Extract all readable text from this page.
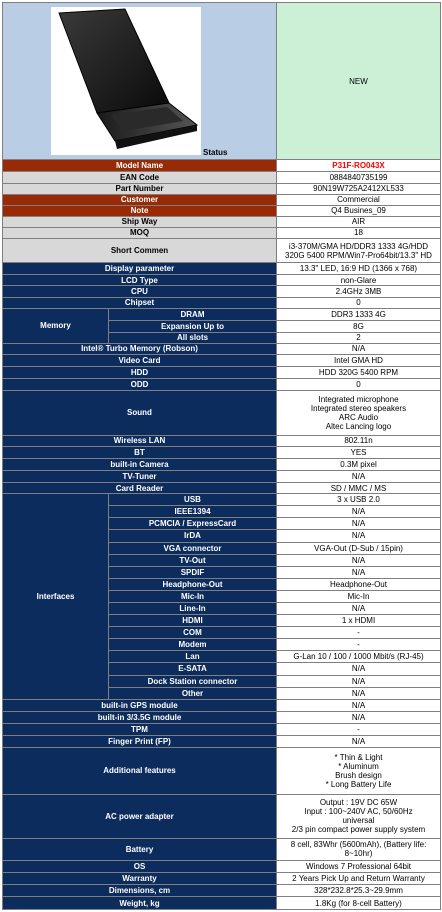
Status		NEW
Model Name		P31F-RO043X
EAN Code		0884840735199
Part Number		90N19W725A2412XL533
Customer		Commercial
Note		Q4 Busines_09
Ship Way		AIR
MOQ		18
Short Commen		i3-370M/GMA HD/DDR3 1333 4G/HDD
320G 5400 RPM/Win7-Pro64bit/13.3" HD

Display parameter		13.3" LED, 16:9 HD (1366 x 768)
LCD Type		non-Glare
CPU		2.4GHz 3MB
Chipset		0
Memory	DRAM	DDR3 1333 4G
	Expansion Up to	8G
	All slots	2
Intel® Turbo Memory (Robson)		N/A
Video Card		Intel GMA HD
HDD		HDD 320G 5400 RPM
ODD		0
Sound		Integrated microphone
Integrated stereo speakers
ARC Audio
Altec Lancing logo

Wireless LAN		802.11n
BT		YES
built-in Camera		0.3M pixel
TV-Tuner		N/A
Card Reader		SD / MMC / MS
Interfaces	USB	3 x USB 2.0
	IEEE1394	N/A
	PCMCIA / ExpressCard	N/A
	IrDA	N/A
	VGA connector	VGA-Out (D-Sub / 15pin)
	TV-Out	N/A
	SPDIF	N/A
	Headphone-Out	Headphone-Out
	Mic-In	Mic-In
	Line-In	N/A
	HDMI	1 x HDMI
	COM	-
	Modem	-
	Lan	G-Lan 10 / 100 / 1000 Mbit/s (RJ-45)
	E-SATA	N/A
	Dock Station connector	N/A
	Other	N/A
built-in GPS module		N/A
built-in 3/3.5G module		N/A
TPM		-
Finger Print (FP)		N/A
Additional features		* Thin & Light
* Aluminum
Brush design
* Long Battery Life

AC power adapter		Output : 19V DC 65W
Input : 100~240V AC, 50/60Hz
universal
2/3 pin compact power supply system

Battery		8 cell, 83Whr (5600mAh), (Battery life:
8~10hr)

OS		Windows 7 Professional 64bit
Warranty		2 Years Pick Up and Return Warranty
Dimensions, cm		328*232.8*25.3~29.9mm
Weight, kg		1.8Kg (for 8-cell Battery)
